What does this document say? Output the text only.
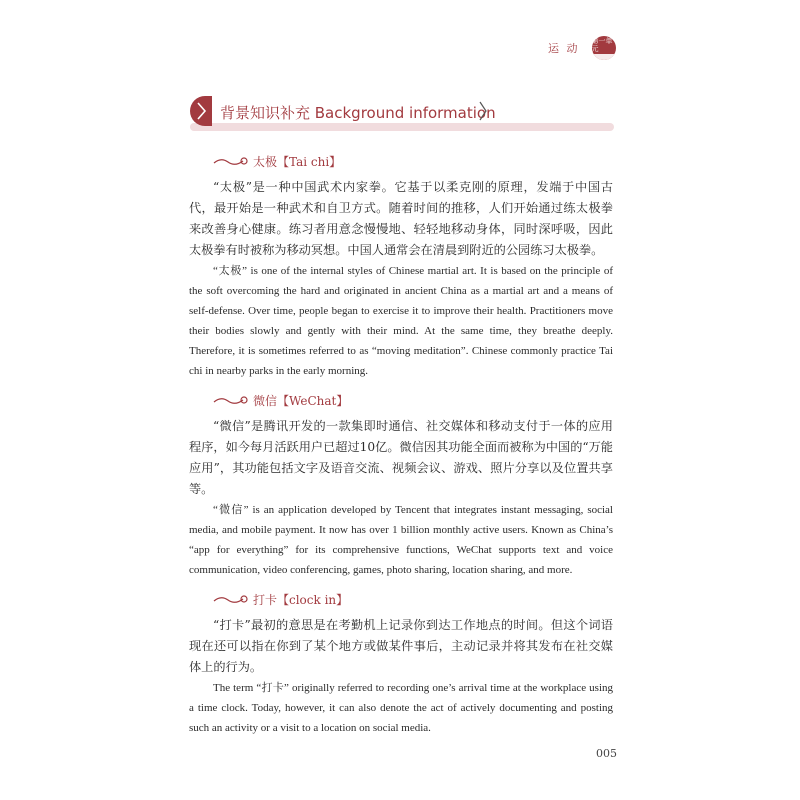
运 动
第一单元
背景知识补充 Background information
太极【Tai chi】

“太极”是一种中国武术内家拳。它基于以柔克刚的原理，发端于中国古代，最开始是一种武术和自卫方式。随着时间的推移，人们开始通过练太极拳来改善身心健康。练习者用意念慢慢地、轻轻地移动身体，同时深呼吸，因此太极拳有时被称为移动冥想。中国人通常会在清晨到附近的公园练习太极拳。

“太极” is one of the internal styles of Chinese martial art. It is based on the principle of the soft overcoming the hard and originated in ancient China as a martial art and a means of self-defense. Over time, people began to exercise it to improve their health. Practitioners move their bodies slowly and gently with their mind. At the same time, they breathe deeply. Therefore, it is sometimes referred to as “moving meditation”. Chinese commonly practice Tai chi in nearby parks in the early morning.

微信【WeChat】

“微信”是腾讯开发的一款集即时通信、社交媒体和移动支付于一体的应用程序，如今每月活跃用户已超过10亿。微信因其功能全面而被称为中国的“万能应用”，其功能包括文字及语音交流、视频会议、游戏、照片分享以及位置共享等。

“微信” is an application developed by Tencent that integrates instant messaging, social media, and mobile payment. It now has over 1 billion monthly active users. Known as China’s “app for everything” for its comprehensive functions, WeChat supports text and voice communication, video conferencing, games, photo sharing, location sharing, and more.

打卡【clock in】

“打卡”最初的意思是在考勤机上记录你到达工作地点的时间。但这个词语现在还可以指在你到了某个地方或做某件事后，主动记录并将其发布在社交媒体上的行为。

The term “打卡” originally referred to recording one’s arrival time at the workplace using a time clock. Today, however, it can also denote the act of actively documenting and posting such an activity or a visit to a location on social media.

005
